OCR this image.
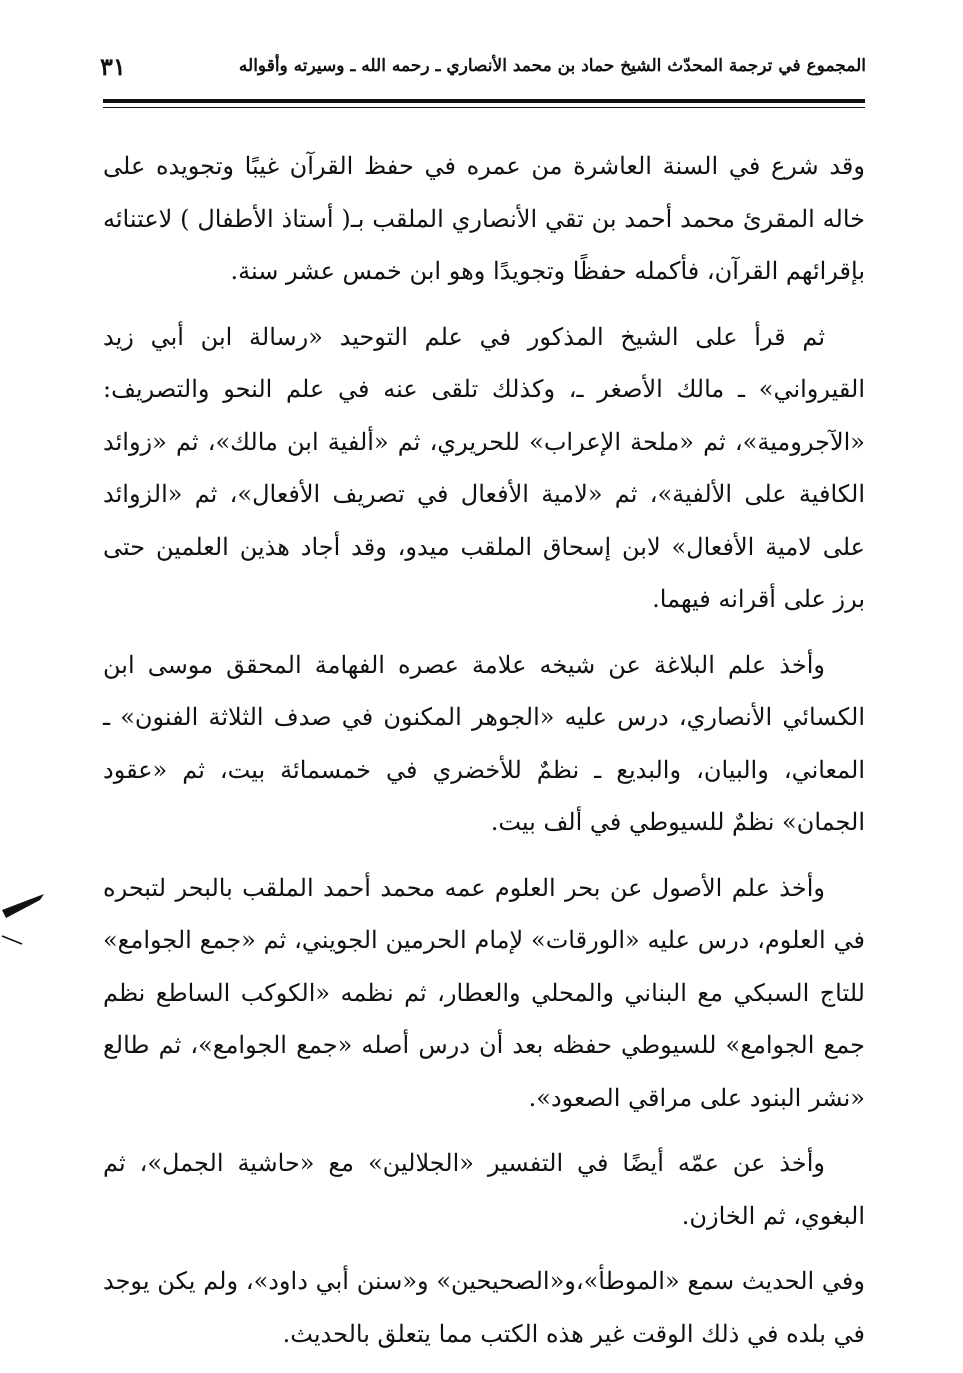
المجموع في ترجمة المحدّث الشيخ حماد بن محمد الأنصاري ـ رحمه الله ـ وسيرته وأقواله
٣١

وقد شرع في السنة العاشرة من عمره في حفظ القرآن غيبًا وتجويده على خاله المقرئ محمد أحمد بن تقي الأنصاري الملقب بـ( أستاذ الأطفال ) لاعتنائه بإقرائهم القرآن، فأكمله حفظًا وتجويدًا وهو ابن خمس عشر سنة.

ثم قرأ على الشيخ المذكور في علم التوحيد «رسالة ابن أبي زيد القيرواني» ـ مالك الأصغر ـ، وكذلك تلقى عنه في علم النحو والتصريف: «الآجرومية»، ثم «ملحة الإعراب» للحريري، ثم «ألفية ابن مالك»، ثم «زوائد الكافية على الألفية»، ثم «لامية الأفعال في تصريف الأفعال»، ثم «الزوائد على لامية الأفعال» لابن إسحاق الملقب ميدو، وقد أجاد هذين العلمين حتى برز على أقرانه فيهما.

وأخذ علم البلاغة عن شيخه علامة عصره الفهامة المحقق موسى ابن الكسائي الأنصاري، درس عليه «الجوهر المكنون في صدف الثلاثة الفنون» ـ المعاني، والبيان، والبديع ـ نظمٌ للأخضري في خمسمائة بيت، ثم «عقود الجمان» نظمٌ للسيوطي في ألف بيت.

وأخذ علم الأصول عن بحر العلوم عمه محمد أحمد الملقب بالبحر لتبحره في العلوم، درس عليه «الورقات» لإمام الحرمين الجويني، ثم «جمع الجوامع» للتاج السبكي مع البناني والمحلي والعطار، ثم نظمه «الكوكب الساطع نظم جمع الجوامع» للسيوطي حفظه بعد أن درس أصله «جمع الجوامع»، ثم طالع «نشر البنود على مراقي الصعود».

وأخذ عن عمّه أيضًا في التفسير «الجلالين» مع «حاشية الجمل»، ثم البغوي، ثم الخازن.

وفي الحديث سمع «الموطأ»،و«الصحيحين» و«سنن أبي داود»، ولم يكن يوجد في بلده في ذلك الوقت غير هذه الكتب مما يتعلق بالحديث.
